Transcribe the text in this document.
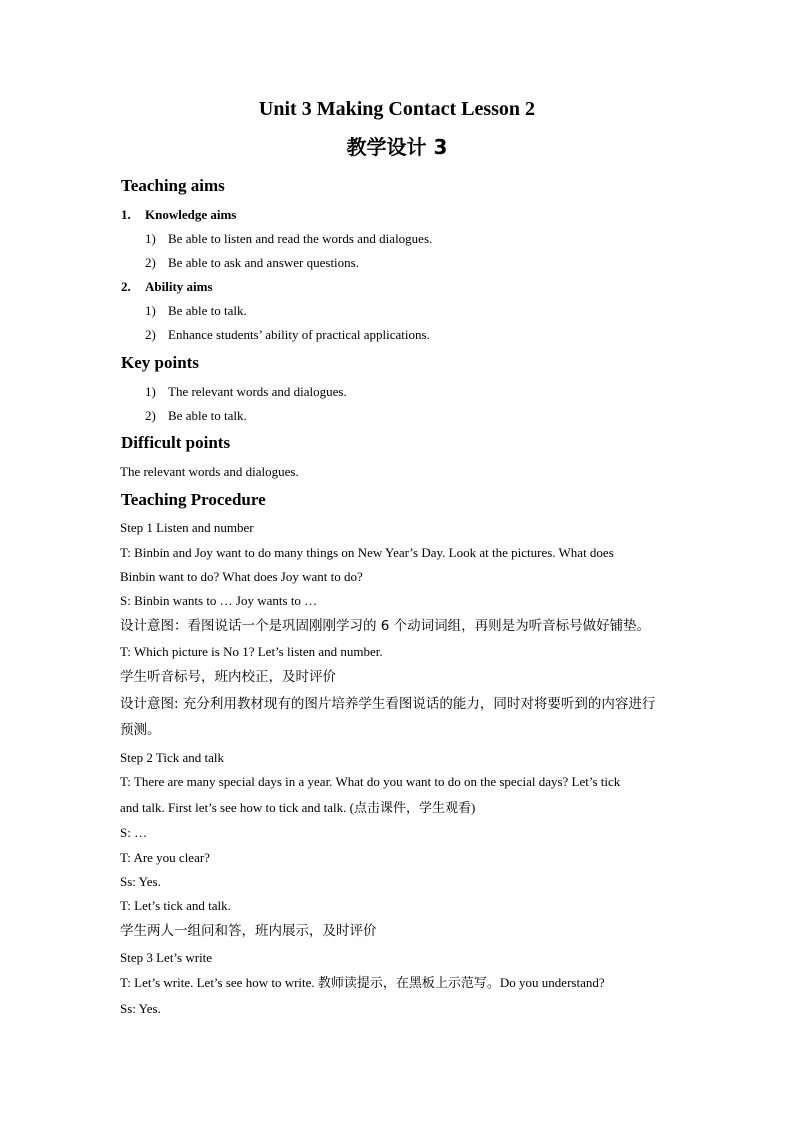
Unit 3 Making Contact Lesson 2
教学设计 3
Teaching aims
1. Knowledge aims
1) Be able to listen and read the words and dialogues.
2) Be able to ask and answer questions.
2. Ability aims
1) Be able to talk.
2) Enhance students’ ability of practical applications.
Key points
1) The relevant words and dialogues.
2) Be able to talk.
Difficult points
The relevant words and dialogues.
Teaching Procedure
Step 1 Listen and number
T: Binbin and Joy want to do many things on New Year’s Day. Look at the pictures. What does
Binbin want to do? What does Joy want to do?
S: Binbin wants to … Joy wants to …
设计意图：看图说话一个是巩固刚刚学习的 6 个动词词组，再则是为听音标号做好铺垫。
T: Which picture is No 1? Let’s listen and number.
学生听音标号，班内校正，及时评价
设计意图: 充分利用教材现有的图片培养学生看图说话的能力，同时对将要听到的内容进行
预测。
Step 2 Tick and talk
T: There are many special days in a year. What do you want to do on the special days? Let’s tick
and talk. First let’s see how to tick and talk. (点击课件，学生观看)
S: …
T: Are you clear?
Ss: Yes.
T: Let’s tick and talk.
学生两人一组问和答，班内展示，及时评价
Step 3 Let’s write
T: Let’s write. Let’s see how to write. 教师读提示，在黑板上示范写。Do you understand?
Ss: Yes.
